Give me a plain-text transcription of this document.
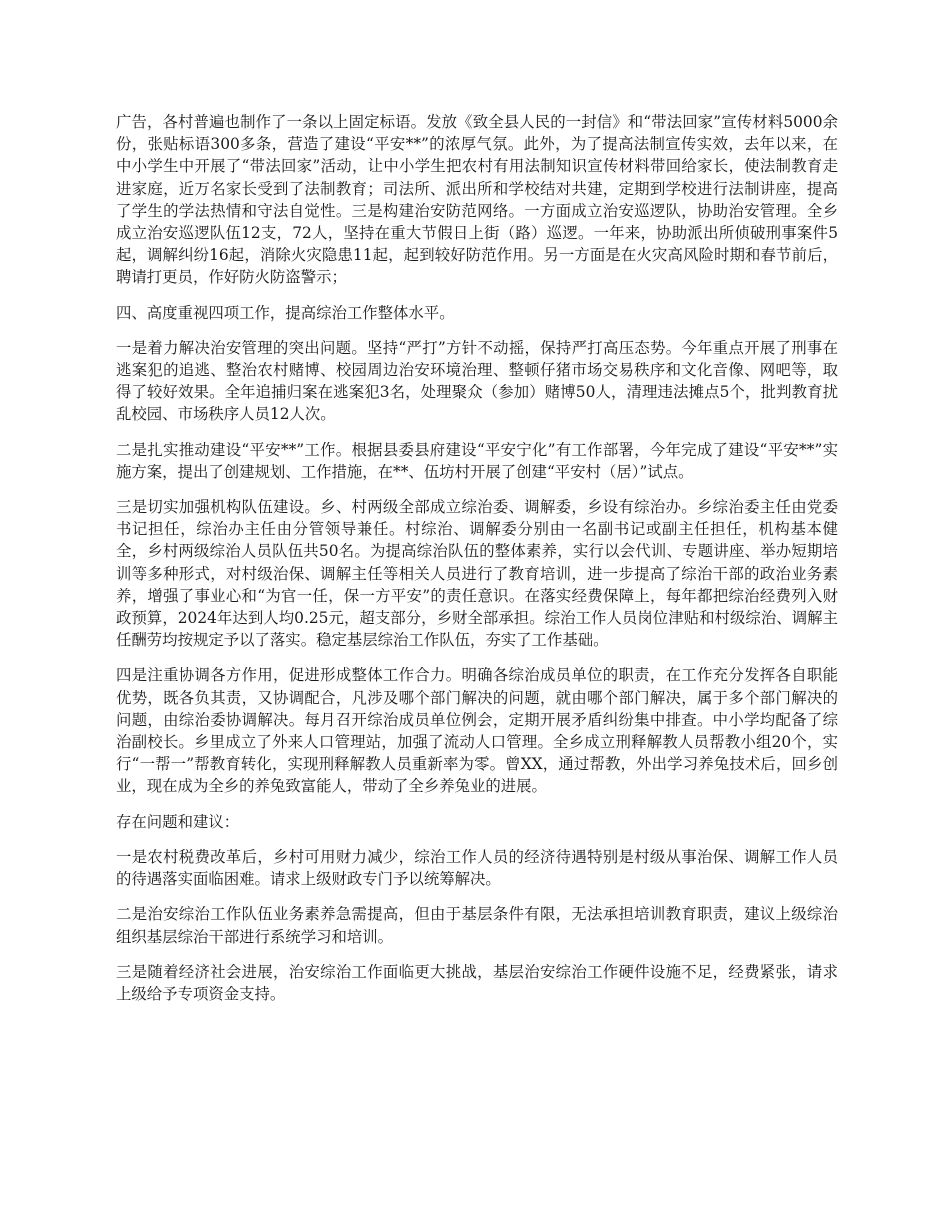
广告，各村普遍也制作了一条以上固定标语。发放《致全县人民的一封信》和“带法回家”宣传材料5000余份，张贴标语300多条，营造了建设“平安**”的浓厚气氛。此外，为了提高法制宣传实效，去年以来，在中小学生中开展了“带法回家”活动，让中小学生把农村有用法制知识宣传材料带回给家长，使法制教育走进家庭，近万名家长受到了法制教育；司法所、派出所和学校结对共建，定期到学校进行法制讲座，提高了学生的学法热情和守法自觉性。三是构建治安防范网络。一方面成立治安巡逻队，协助治安管理。全乡成立治安巡逻队伍12支，72人，坚持在重大节假日上街（路）巡逻。一年来，协助派出所侦破刑事案件5起，调解纠纷16起，消除火灾隐患11起，起到较好防范作用。另一方面是在火灾高风险时期和春节前后，聘请打更员，作好防火防盗警示；

四、高度重视四项工作，提高综治工作整体水平。

一是着力解决治安管理的突出问题。坚持“严打”方针不动摇，保持严打高压态势。今年重点开展了刑事在逃案犯的追逃、整治农村赌博、校园周边治安环境治理、整顿仔猪市场交易秩序和文化音像、网吧等，取得了较好效果。全年追捕归案在逃案犯3名，处理聚众（参加）赌博50人，清理违法摊点5个，批判教育扰乱校园、市场秩序人员12人次。

二是扎实推动建设“平安**”工作。根据县委县府建设“平安宁化”有工作部署，今年完成了建设“平安**”实施方案，提出了创建规划、工作措施，在**、伍坊村开展了创建“平安村（居）”试点。

三是切实加强机构队伍建设。乡、村两级全部成立综治委、调解委，乡设有综治办。乡综治委主任由党委书记担任，综治办主任由分管领导兼任。村综治、调解委分别由一名副书记或副主任担任，机构基本健全，乡村两级综治人员队伍共50名。为提高综治队伍的整体素养，实行以会代训、专题讲座、举办短期培训等多种形式，对村级治保、调解主任等相关人员进行了教育培训，进一步提高了综治干部的政治业务素养，增强了事业心和“为官一任，保一方平安”的责任意识。在落实经费保障上，每年都把综治经费列入财政预算，2024年达到人均0.25元，超支部分，乡财全部承担。综治工作人员岗位津贴和村级综治、调解主任酬劳均按规定予以了落实。稳定基层综治工作队伍，夯实了工作基础。

四是注重协调各方作用，促进形成整体工作合力。明确各综治成员单位的职责，在工作充分发挥各自职能优势，既各负其责，又协调配合，凡涉及哪个部门解决的问题，就由哪个部门解决，属于多个部门解决的问题，由综治委协调解决。每月召开综治成员单位例会，定期开展矛盾纠纷集中排查。中小学均配备了综治副校长。乡里成立了外来人口管理站，加强了流动人口管理。全乡成立刑释解教人员帮教小组20个，实行“一帮一”帮教育转化，实现刑释解教人员重新率为零。曾XX，通过帮教，外出学习养兔技术后，回乡创业，现在成为全乡的养兔致富能人，带动了全乡养兔业的进展。

存在问题和建议：

一是农村税费改革后，乡村可用财力减少，综治工作人员的经济待遇特别是村级从事治保、调解工作人员的待遇落实面临困难。请求上级财政专门予以统筹解决。

二是治安综治工作队伍业务素养急需提高，但由于基层条件有限，无法承担培训教育职责，建议上级综治组织基层综治干部进行系统学习和培训。

三是随着经济社会进展，治安综治工作面临更大挑战，基层治安综治工作硬件设施不足，经费紧张，请求上级给予专项资金支持。
